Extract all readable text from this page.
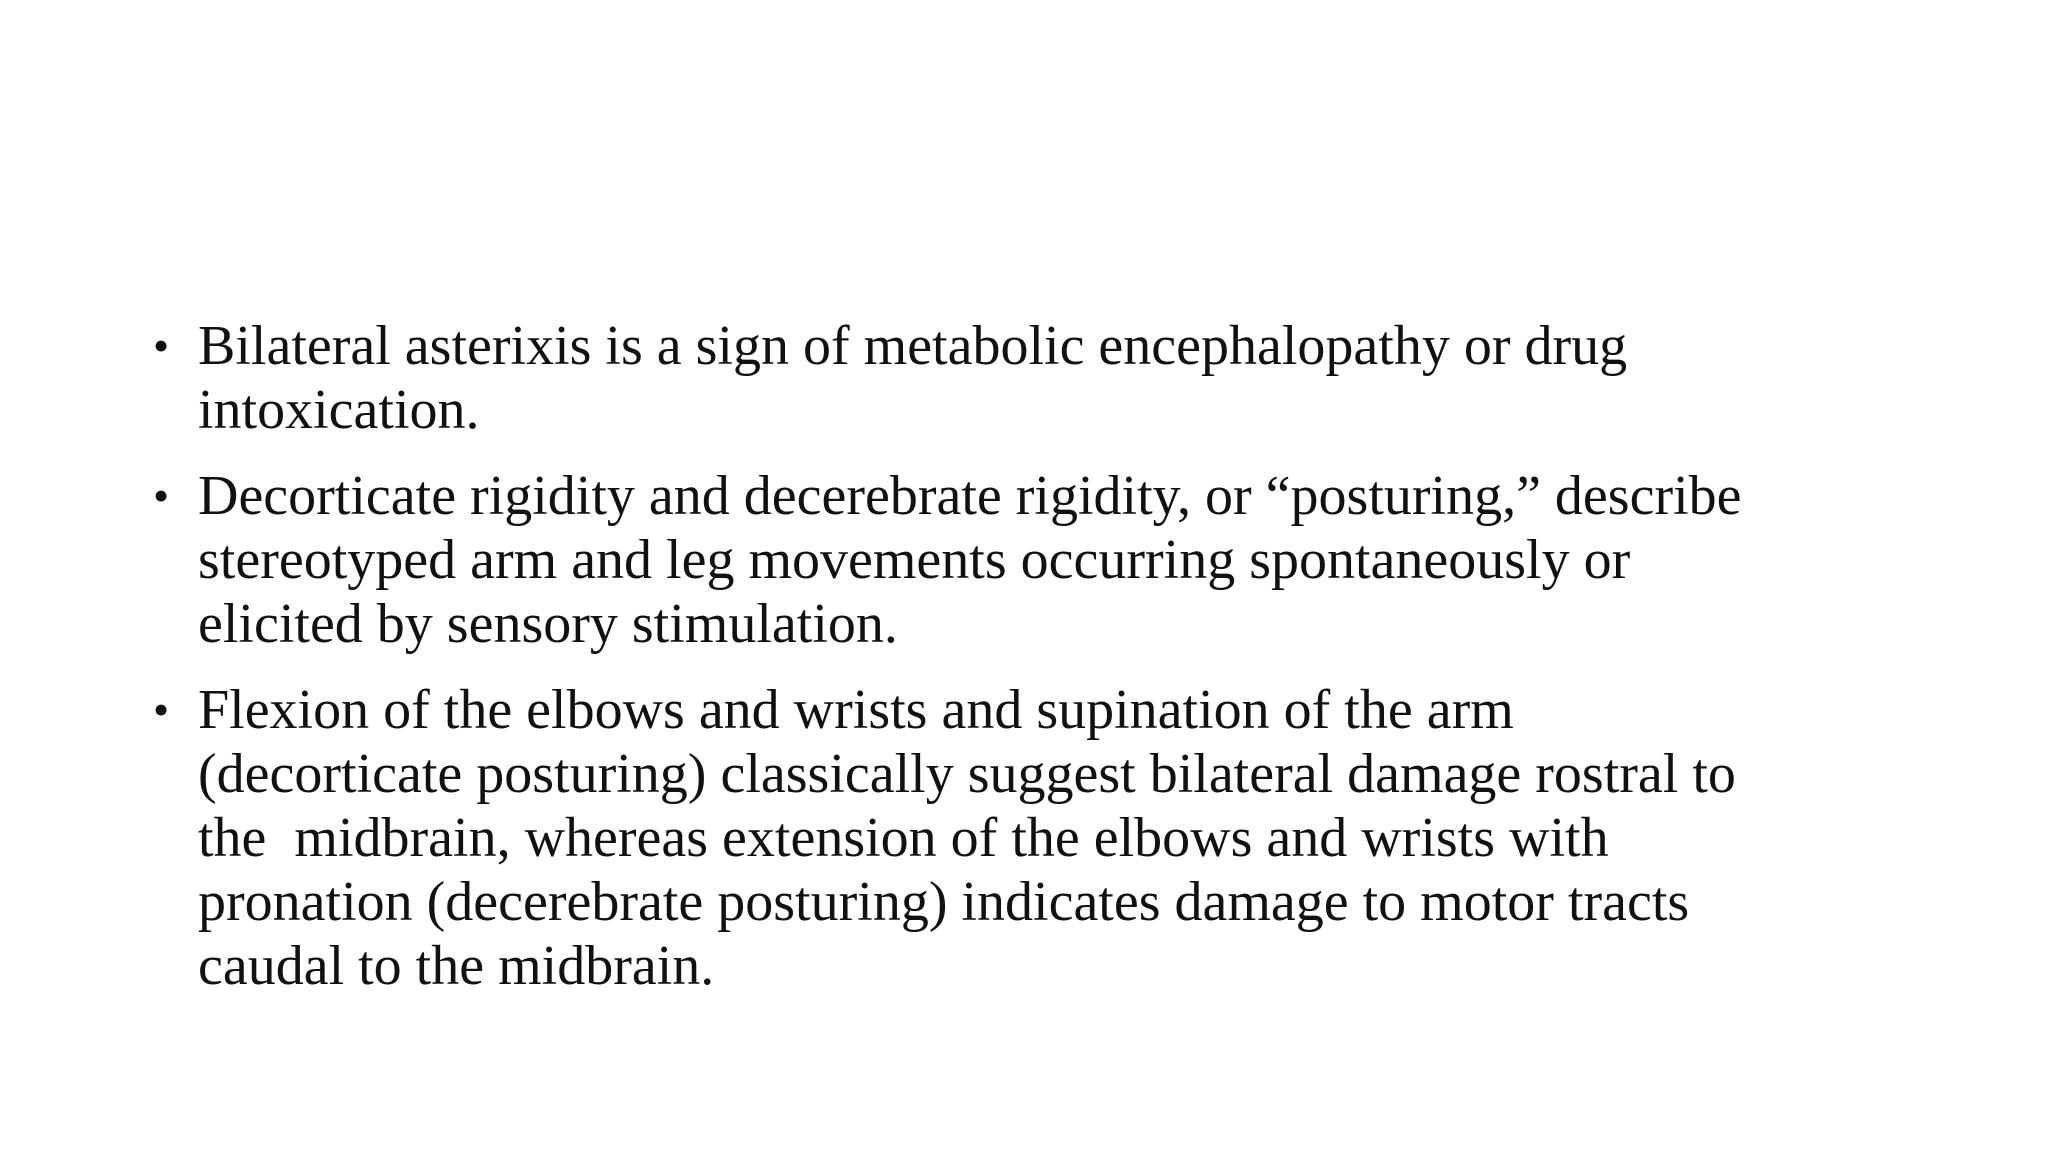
• Bilateral asterixis is a sign of metabolic encephalopathy or drug
intoxication.
• Decorticate rigidity and decerebrate rigidity, or “posturing,” describe
stereotyped arm and leg movements occurring spontaneously or
elicited by sensory stimulation.
• Flexion of the elbows and wrists and supination of the arm
(decorticate posturing) classically suggest bilateral damage rostral to
the  midbrain, whereas extension of the elbows and wrists with
pronation (decerebrate posturing) indicates damage to motor tracts
caudal to the midbrain.
